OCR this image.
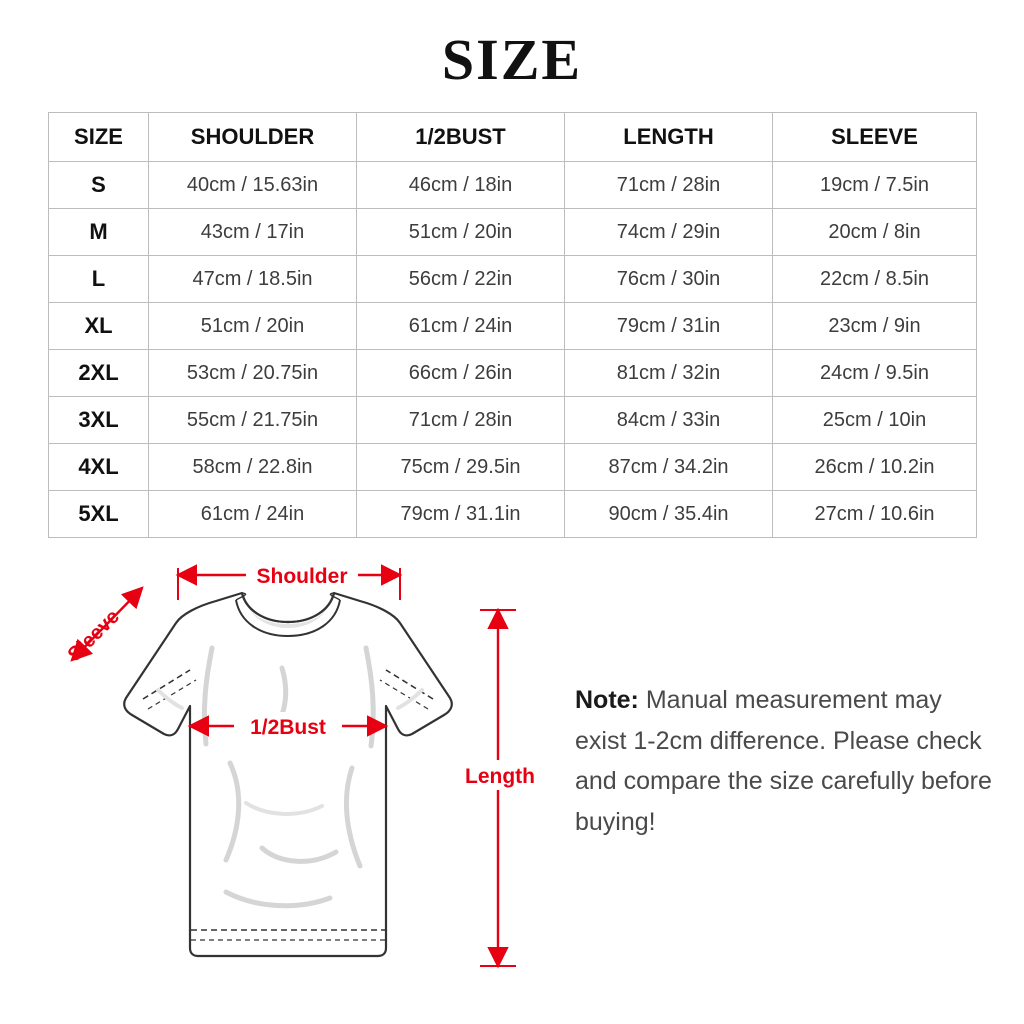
SIZE
SIZE	SHOULDER	1/2BUST	LENGTH	SLEEVE
S	40cm / 15.63in	46cm / 18in	71cm / 28in	19cm / 7.5in
M	43cm / 17in	51cm / 20in	74cm / 29in	20cm / 8in
L	47cm / 18.5in	56cm / 22in	76cm / 30in	22cm / 8.5in
XL	51cm / 20in	61cm / 24in	79cm / 31in	23cm / 9in
2XL	53cm / 20.75in	66cm / 26in	81cm / 32in	24cm / 9.5in
3XL	55cm / 21.75in	71cm / 28in	84cm / 33in	25cm / 10in
4XL	58cm / 22.8in	75cm / 29.5in	87cm / 34.2in	26cm / 10.2in
5XL	61cm / 24in	79cm / 31.1in	90cm / 35.4in	27cm / 10.6in
Shoulder
Sleeve
1/2Bust
Length
Note: Manual measurement may exist 1-2cm difference. Please check and compare the size carefully before buying!
